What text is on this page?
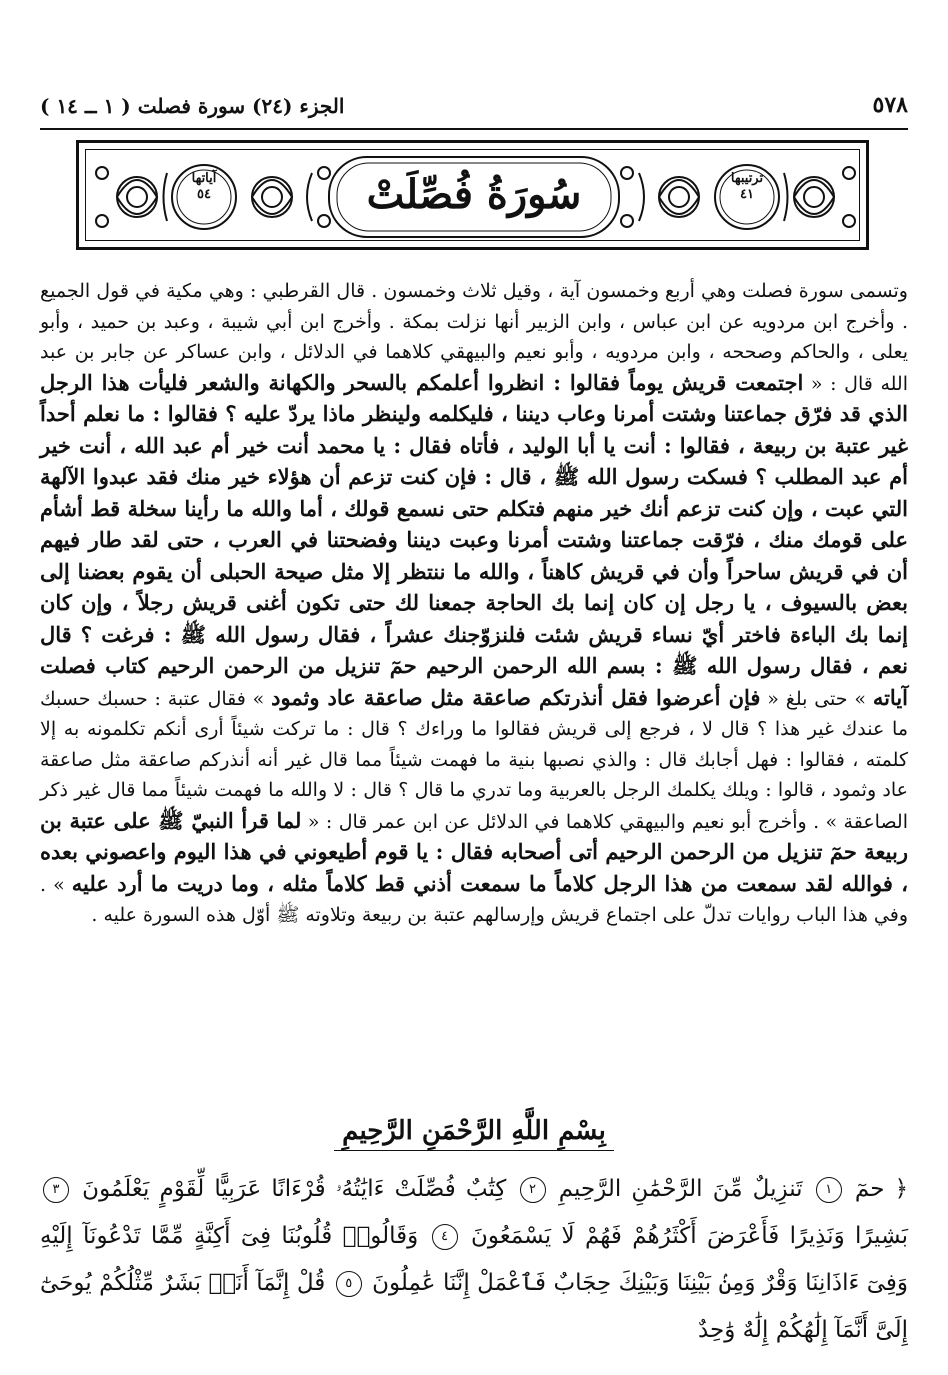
٥٧٨
الجزء (٢٤) سورة فصلت ( ١ ــ ١٤ )
سُورَةُ فُصِّلَتْ	ترتيبها
٤١
آياتها
٥٤

وتسمى سورة فصلت وهي أربع وخمسون آية ، وقيل ثلاث وخمسون . قال القرطبي : وهي مكية في قول الجميع . وأخرج ابن مردويه عن ابن عباس ، وابن الزبير أنها نزلت بمكة . وأخرج ابن أبي شيبة ، وعبد بن حميد ، وأبو يعلى ، والحاكم وصححه ، وابن مردويه ، وأبو نعيم والبيهقي كلاهما في الدلائل ، وابن عساكر عن جابر بن عبد الله قال : « اجتمعت قريش يوماً فقالوا : انظروا أعلمكم بالسحر والكهانة والشعر فليأت هذا الرجل الذي قد فرّق جماعتنا وشتت أمرنا وعاب ديننا ، فليكلمه ولينظر ماذا يردّ عليه ؟ فقالوا : ما نعلم أحداً غير عتبة بن ربيعة ، فقالوا : أنت يا أبا الوليد ، فأتاه فقال : يا محمد أنت خير أم عبد الله ، أنت خير أم عبد المطلب ؟ فسكت رسول الله ﷺ ، قال : فإن كنت تزعم أن هؤلاء خير منك فقد عبدوا الآلهة التي عبت ، وإن كنت تزعم أنك خير منهم فتكلم حتى نسمع قولك ، أما والله ما رأينا سخلة قط أشأم على قومك منك ، فرّقت جماعتنا وشتت أمرنا وعبت ديننا وفضحتنا في العرب ، حتى لقد طار فيهم أن في قريش ساحراً وأن في قريش كاهناً ، والله ما ننتظر إلا مثل صيحة الحبلى أن يقوم بعضنا إلى بعض بالسيوف ، يا رجل إن كان إنما بك الحاجة جمعنا لك حتى تكون أغنى قريش رجلاً ، وإن كان إنما بك الباءة فاختر أيّ نساء قريش شئت فلنزوّجنك عشراً ، فقال رسول الله ﷺ : فرغت ؟ قال نعم ، فقال رسول الله ﷺ : بسم الله الرحمن الرحيم حمٓ تنزيل من الرحمن الرحيم كتاب فصلت آياته » حتى بلغ « فإن أعرضوا فقل أنذرتكم صاعقة مثل صاعقة عاد وثمود » فقال عتبة : حسبك حسبك ما عندك غير هذا ؟ قال لا ، فرجع إلى قريش فقالوا ما وراءك ؟ قال : ما تركت شيئاً أرى أنكم تكلمونه به إلا كلمته ، فقالوا : فهل أجابك قال : والذي نصبها بنية ما فهمت شيئاً مما قال غير أنه أنذركم صاعقة مثل صاعقة عاد وثمود ، قالوا : ويلك يكلمك الرجل بالعربية وما تدري ما قال ؟ قال : لا والله ما فهمت شيئاً مما قال غير ذكر الصاعقة » . وأخرج أبو نعيم والبيهقي كلاهما في الدلائل عن ابن عمر قال : « لما قرأ النبيّ ﷺ على عتبة بن ربيعة حمٓ تنزيل من الرحمن الرحيم أتى أصحابه فقال : يا قوم أطيعوني في هذا اليوم واعصوني بعده ، فوالله لقد سمعت من هذا الرجل كلاماً ما سمعت أذني قط كلاماً مثله ، وما دريت ما أرد عليه » . وفي هذا الباب روايات تدلّ على اجتماع قريش وإرسالهم عتبة بن ربيعة وتلاوته ﷺ أوّل هذه السورة عليه .

بِسْمِ اللَّهِ الرَّحْمَنِ الرَّحِيمِ
﴿ حمٓ ١ تَنزِيلٌ مِّنَ الرَّحْمَٰنِ الرَّحِيمِ ٢ كِتَٰبٌ فُصِّلَتْ ءَايَٰتُهُۥ قُرْءَانًا عَرَبِيًّا لِّقَوْمٍ يَعْلَمُونَ ٣ بَشِيرًا وَنَذِيرًا فَأَعْرَضَ أَكْثَرُهُمْ فَهُمْ لَا يَسْمَعُونَ ٤ وَقَالُوا۟ قُلُوبُنَا فِىٓ أَكِنَّةٍ مِّمَّا تَدْعُونَآ إِلَيْهِ وَفِىٓ ءَاذَانِنَا وَقْرٌ وَمِنۢ بَيْنِنَا وَبَيْنِكَ حِجَابٌ فَٱعْمَلْ إِنَّنَا عَٰمِلُونَ ٥ قُلْ إِنَّمَآ أَنَا۠ بَشَرٌ مِّثْلُكُمْ يُوحَىٰٓ إِلَىَّ أَنَّمَآ إِلَٰهُكُمْ إِلَٰهٌ وَٰحِدٌ
